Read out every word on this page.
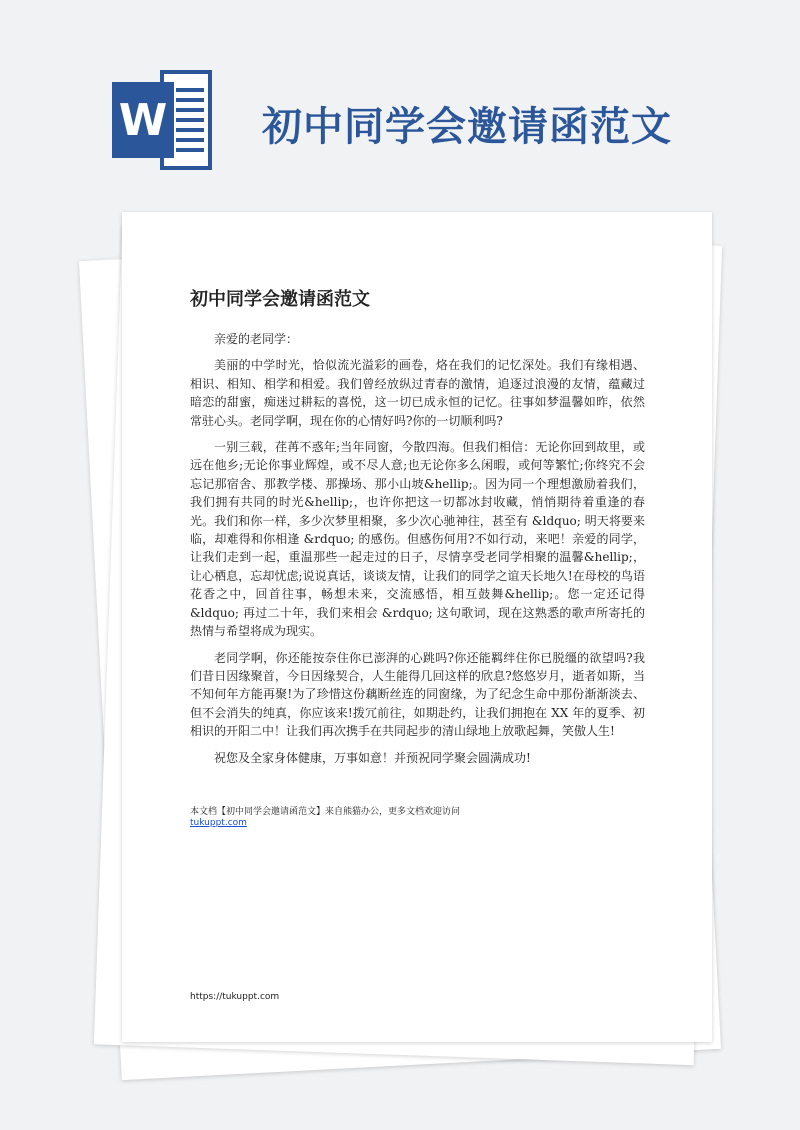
W 初中同学会邀请函范文
初中同学会邀请函范文

亲爱的老同学：

美丽的中学时光，恰似流光溢彩的画卷，烙在我们的记忆深处。我们有缘相遇、相识、相知、相学和相爱。我们曾经放纵过青春的激情，追逐过浪漫的友情，蕴藏过暗恋的甜蜜，痴迷过耕耘的喜悦，这一切已成永恒的记忆。往事如梦温馨如昨，依然常驻心头。老同学啊，现在你的心情好吗?你的一切顺利吗?

一别三载，荏苒不惑年;当年同窗，今散四海。但我们相信：无论你回到故里，或远在他乡;无论你事业辉煌，或不尽人意;也无论你多么闲暇，或何等繁忙;你终究不会忘记那宿舍、那教学楼、那操场、那小山坡&hellip;。因为同一个理想激励着我们，我们拥有共同的时光&hellip;，也许你把这一切都冰封收藏，悄悄期待着重逢的春光。我们和你一样，多少次梦里相聚，多少次心驰神往，甚至有 &ldquo; 明天将要来临，却难得和你相逢 &rdquo; 的感伤。但感伤何用?不如行动，来吧！亲爱的同学，让我们走到一起，重温那些一起走过的日子，尽情享受老同学相聚的温馨&hellip;，让心栖息，忘却忧虑;说说真话，谈谈友情，让我们的同学之谊天长地久!在母校的鸟语花香之中，回首往事，畅想未来，交流感悟，相互鼓舞&hellip;。您一定还记得 &ldquo; 再过二十年，我们来相会 &rdquo; 这句歌词，现在这熟悉的歌声所寄托的热情与希望将成为现实。

老同学啊，你还能按奈住你已澎湃的心跳吗?你还能羁绊住你已脱缰的欲望吗?我们昔日因缘聚首，今日因缘契合，人生能得几回这样的欣息?悠悠岁月，逝者如斯，当不知何年方能再聚!为了珍惜这份藕断丝连的同窗缘，为了纪念生命中那份渐渐淡去、但不会消失的纯真，你应该来!拨冗前往，如期赴约，让我们拥抱在 XX 年的夏季、初相识的开阳二中！让我们再次携手在共同起步的清山绿地上放歌起舞，笑傲人生!

祝您及全家身体健康，万事如意！并预祝同学聚会圆满成功!

本文档【初中同学会邀请函范文】来自熊猫办公，更多文档欢迎访问
tukuppt.com
https://tukuppt.com
